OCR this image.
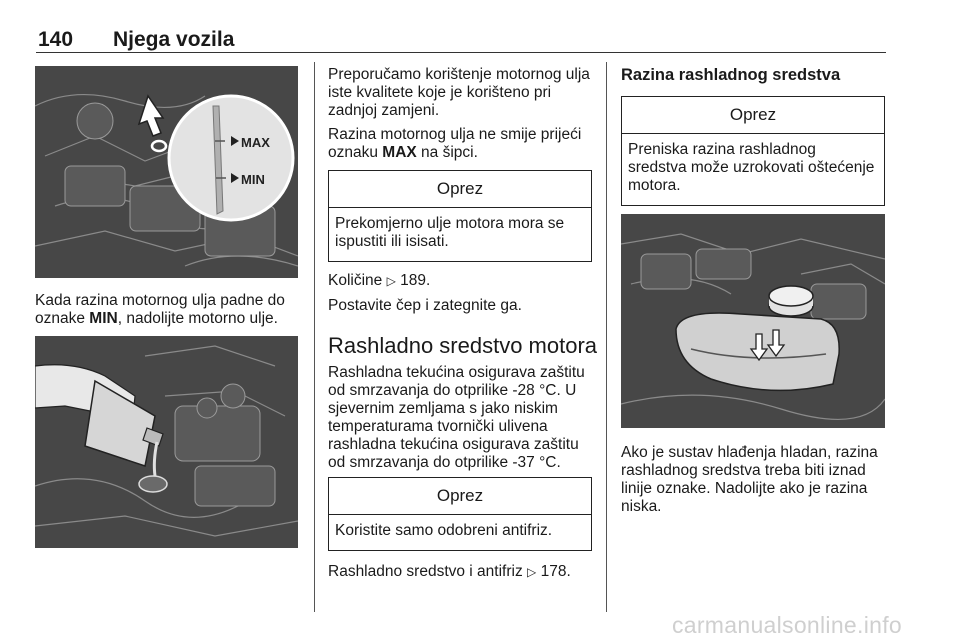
140 Njega vozila
MAX
MIN
Kada razina motornog ulja padne do oznake MIN, nadolijte motorno ulje.
Preporučamo korištenje motornog ulja iste kvalitete koje je korišteno pri zadnjoj zamjeni.
Razina motornog ulja ne smije prijeći oznaku MAX na šipci.
Oprez
Prekomjerno ulje motora mora se ispustiti ili isisati.
Količine ▷ 189.
Postavite čep i zategnite ga.
Rashladno sredstvo motora
Rashladna tekućina osigurava zaštitu od smrzavanja do otprilike -28 °C. U sjevernim zemljama s jako niskim temperaturama tvornički ulivena rashladna tekućina osigurava zaštitu od smrzavanja do otprilike -37 °C.
Oprez
Koristite samo odobreni antifriz.
Rashladno sredstvo i antifriz ▷ 178.
Razina rashladnog sredstva
Oprez
Preniska razina rashladnog sredstva može uzrokovati oštećenje motora.
Ako je sustav hlađenja hladan, razina rashladnog sredstva treba biti iznad linije oznake. Nadolijte ako je razina niska.
carmanualsonline.info
